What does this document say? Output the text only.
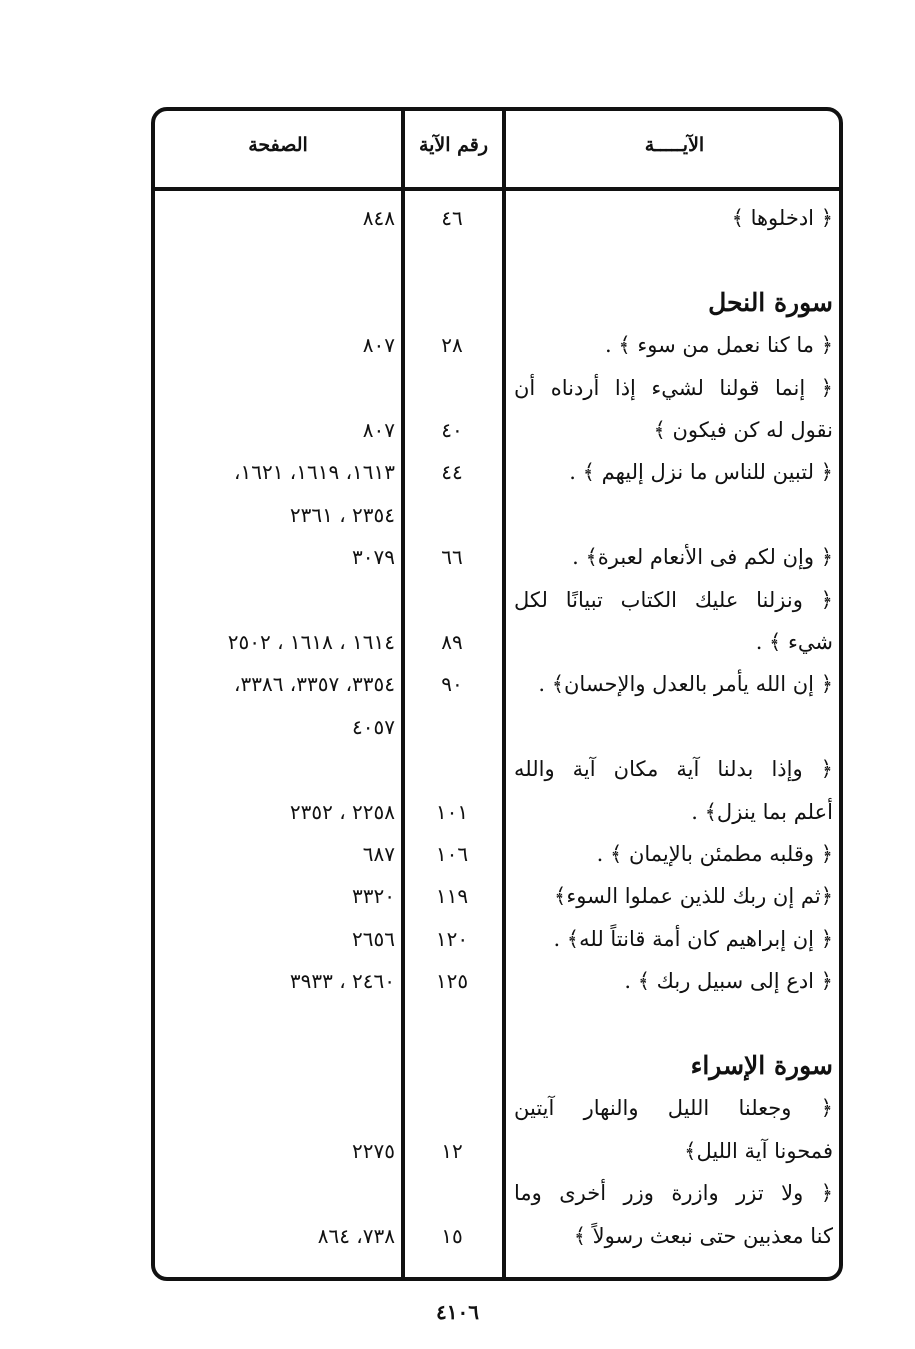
الآيـــــة
رقم الآية
الصفحة
﴿ ادخلوها ﴾
٤٦
٨٤٨
سورة النحل
﴿ ما كنا نعمل من سوء ﴾ .
٢٨
٨٠٧
﴿ إنما قولنا لشيء إذا أردناه أن
نقول له كن فيكون ﴾
٤٠
٨٠٧
﴿ لتبين للناس ما نزل إليهم ﴾ .
٤٤
١٦١٣، ١٦١٩، ١٦٢١،
٢٣٥٤ ، ٢٣٦١
﴿ وإن لكم فى الأنعام لعبرة﴾ .
٦٦
٣٠٧٩
﴿ ونزلنا عليك الكتاب تبيانًا لكل
شيء ﴾ .
٨٩
١٦١٤ ، ١٦١٨ ، ٢٥٠٢
﴿ إن الله يأمر بالعدل والإحسان﴾ .
٩٠
٣٣٥٤، ٣٣٥٧، ٣٣٨٦،
٤٠٥٧
﴿ وإذا بدلنا آية مكان آية والله
أعلم بما ينزل﴾ .
١٠١
٢٢٥٨ ، ٢٣٥٢
﴿ وقلبه مطمئن بالإيمان ﴾ .
١٠٦
٦٨٧
﴿ثم إن ربك للذين عملوا السوء﴾
١١٩
٣٣٢٠
﴿ إن إبراهيم كان أمة قانتاً لله﴾ .
١٢٠
٢٦٥٦
﴿ ادع إلى سبيل ربك ﴾ .
١٢٥
٢٤٦٠ ، ٣٩٣٣
سورة الإسراء
﴿ وجعلنا الليل والنهار آيتين
فمحونا آية الليل﴾
١٢
٢٢٧٥
﴿ ولا تزر وازرة وزر أخرى وما
كنا معذبين حتى نبعث رسولاً ﴾
١٥
٧٣٨، ٨٦٤
٤١٠٦
